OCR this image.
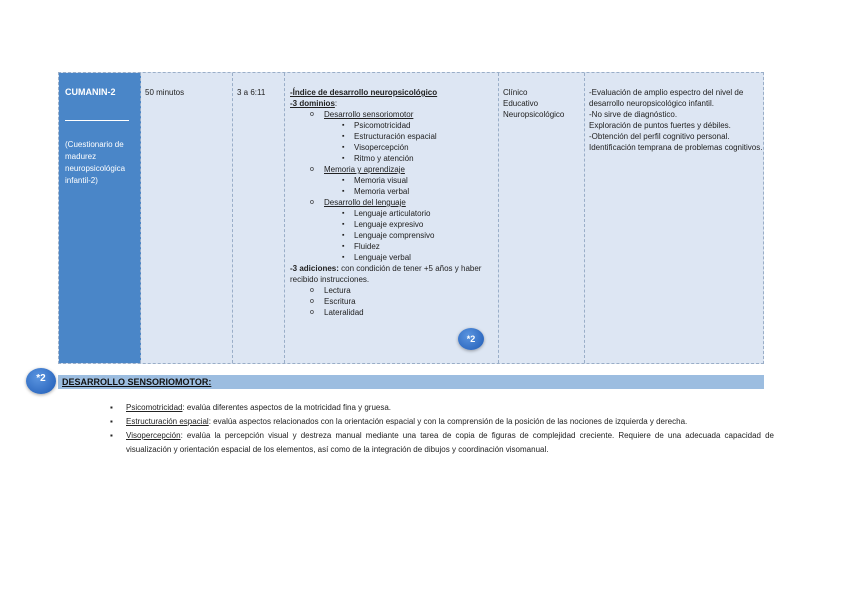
CUMANIN-2
(Cuestionario de madurez neuropsicológica infantil-2)
50 minutos	3 a 6:11	-Índice de desarrollo neuropsicológico
-3 dominios:
o Desarrollo sensoriomotor
▪ Psicomotricidad
▪ Estructuración espacial
▪ Visopercepción
▪ Ritmo y atención
o Memoria y aprendizaje
▪ Memoria visual
▪ Memoria verbal
o Desarrollo del lenguaje
▪ Lenguaje articulatorio
▪ Lenguaje expresivo
▪ Lenguaje comprensivo
▪ Fluidez
▪ Lenguaje verbal
-3 adiciones: con condición de tener +5 años y haber recibido instrucciones.
o Lectura
o Escritura
o Lateralidad
Clínico
Educativo
Neuropsicológico
-Evaluación de amplio espectro del nivel de desarrollo neuropsicológico infantil.
-No sirve de diagnóstico.
Exploración de puntos fuertes y débiles.
-Obtención del perfil cognitivo personal.
Identificación temprana de problemas cognitivos.
*2
DESARROLLO SENSORIOMOTOR:
*2
▪ Psicomotricidad: evalúa diferentes aspectos de la motricidad fina y gruesa.
▪ Estructuración espacial: evalúa aspectos relacionados con la orientación espacial y con la comprensión de la posición de las nociones de izquierda y derecha.
▪ Visopercepción: evalúa la percepción visual y destreza manual mediante una tarea de copia de figuras de complejidad creciente. Requiere de una adecuada capacidad de visualización y orientación espacial de los elementos, así como de la integración de dibujos y coordinación visomanual.
